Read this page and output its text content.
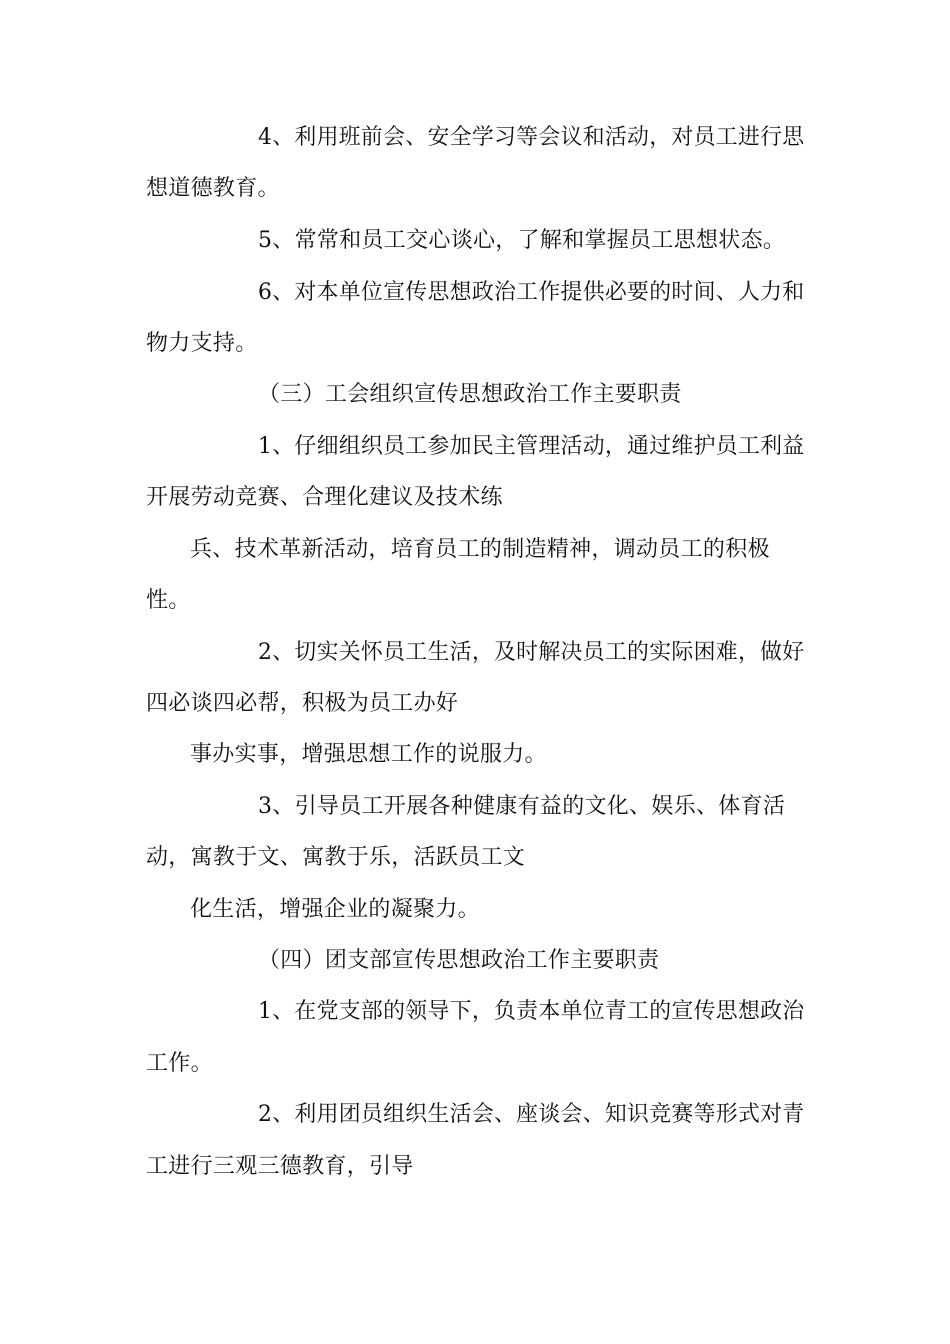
4、利用班前会、安全学习等会议和活动，对员工进行思
想道德教育。
5、常常和员工交心谈心，了解和掌握员工思想状态。
6、对本单位宣传思想政治工作提供必要的时间、人力和
物力支持。
（三）工会组织宣传思想政治工作主要职责
1、仔细组织员工参加民主管理活动，通过维护员工利益
开展劳动竞赛、合理化建议及技术练
兵、技术革新活动，培育员工的制造精神，调动员工的积极
性。
2、切实关怀员工生活，及时解决员工的实际困难，做好
四必谈四必帮，积极为员工办好
事办实事，增强思想工作的说服力。
3、引导员工开展各种健康有益的文化、娱乐、体育活
动，寓教于文、寓教于乐，活跃员工文
化生活，增强企业的凝聚力。
（四）团支部宣传思想政治工作主要职责
1、在党支部的领导下，负责本单位青工的宣传思想政治
工作。
2、利用团员组织生活会、座谈会、知识竞赛等形式对青
工进行三观三德教育，引导
